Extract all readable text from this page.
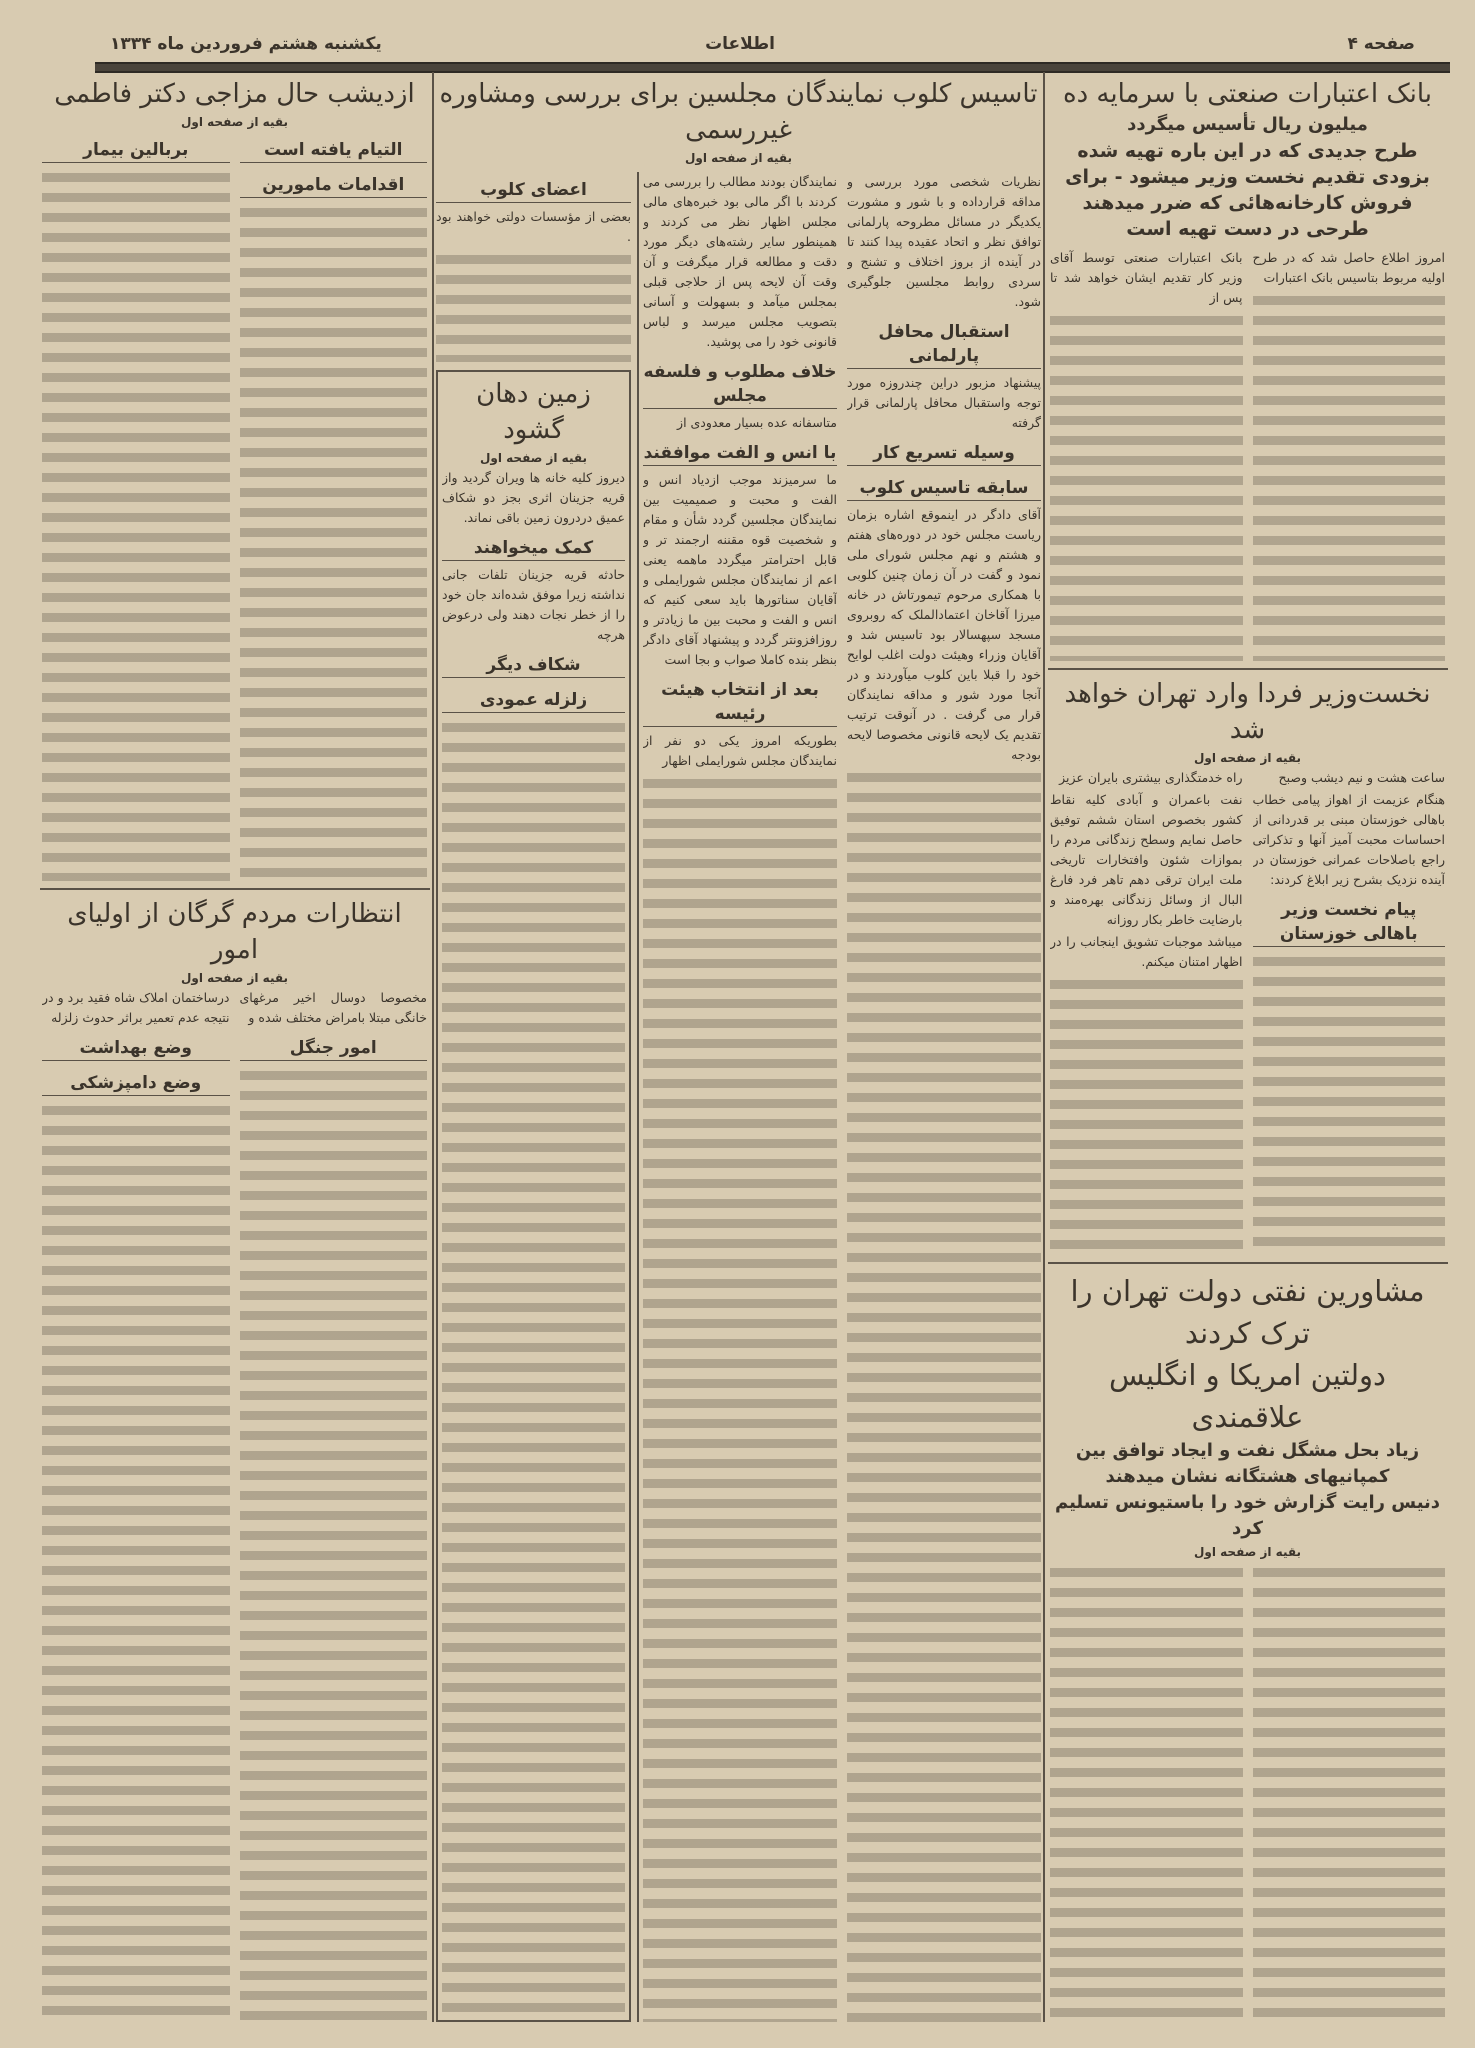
صفحه ۴
اطلاعات
یکشنبه هشتم فروردین ماه ۱۳۳۴
بانک اعتبارات صنعتی با سرمایه ده
میلیون ریال تأسیس میگردد
طرح جدیدی که در این باره تهیه شده بزودی تقدیم نخست وزیر میشود - برای فروش کارخانه‌هائی که ضرر میدهند طرحی در دست تهیه است

امروز اطلاع حاصل شد که در طرح اولیه مربوط بتاسیس بانک اعتبارات

بانک اعتبارات صنعتی توسط آقای وزیر کار تقدیم ایشان خواهد شد تا پس از

نخست‌وزیر فردا وارد تهران خواهد شد
بقیه از صفحه اول

ساعت هشت و نیم دیشب وصبح

هنگام عزیمت از اهواز پیامی خطاب باهالی خوزستان مبنی بر قدردانی از احساسات محبت آمیز آنها و تذکراتی راجع باصلاحات عمرانی خوزستان در آینده نزدیک بشرح زیر ابلاغ کردند:

پیام نخست وزیر باهالی خوزستان

راه خدمتگذاری بیشتری بایران عزیز

نفت باعمران و آبادی کلیه نقاط کشور بخصوص استان ششم توفیق حاصل نمایم وسطح زندگانی مردم را بموازات شئون وافتخارات تاریخی ملت ایران ترقی دهم تاهر فرد فارغ البال از وسائل زندگانی بهره‌مند و بارضایت خاطر بکار روزانه

میباشد موجبات تشویق اینجانب را در اظهار امتنان میکنم.

مشاورین نفتی دولت تهران را ترک کردند
دولتین امریکا و انگلیس علاقمندی
زیاد بحل مشگل نفت و ایجاد توافق بین کمپانیهای هشتگانه نشان میدهند
دنیس رایت گزارش خود را باستیونس تسلیم کرد
بقیه از صفحه اول
تاسیس کلوب نمایندگان مجلسین برای بررسی ومشاوره غیررسمی
بقیه از صفحه اول

نظریات شخصی مورد بررسی و مداقه قرارداده و با شور و مشورت یکدیگر در مسائل مطروحه پارلمانی توافق نظر و اتحاد عقیده پیدا کنند تا در آینده از بروز اختلاف و تشنج و سردی روابط مجلسین جلوگیری شود.

استقبال محافل پارلمانی

پیشنهاد مزبور دراین چندروزه مورد توجه واستقبال محافل پارلمانی قرار گرفته

وسیله تسریع کار
سابقه تاسیس کلوب

آقای دادگر در اینموقع اشاره بزمان ریاست مجلس خود در دوره‌های هفتم و هشتم و نهم مجلس شورای ملی نمود و گفت در آن زمان چنین کلوبی با همکاری مرحوم تیمورتاش در خانه میرزا آقاخان اعتمادالملک که روبروی مسجد سپهسالار بود تاسیس شد و آقایان وزراء وهیئت دولت اغلب لوایح خود را قبلا باین کلوب میآوردند و در آنجا مورد شور و مداقه نمایندگان قرار می گرفت . در آنوقت ترتیب تقدیم یک لایحه قانونی مخصوصا لایحه بودجه

نمایندگان بودند مطالب را بررسی می کردند با اگر مالی بود خبره‌های مالی مجلس اظهار نظر می کردند و همینطور سایر رشته‌های دیگر مورد دقت و مطالعه قرار میگرفت و آن وقت آن لایحه پس از حلاجی قبلی بمجلس میآمد و بسهولت و آسانی بتصویب مجلس میرسد و لباس قانونی خود را می پوشید.

خلاف مطلوب و فلسفه مجلس

متاسفانه عده بسیار معدودی از

با انس و الفت موافقند

ما سرمیزند موجب ازدیاد انس و الفت و محبت و صمیمیت بین نمایندگان مجلسین گردد شأن و مقام و شخصیت قوه مقننه ارجمند تر و قابل احترامتر میگردد ماهمه یعنی اعم از نمایندگان مجلس شورایملی و آقایان سناتورها باید سعی کنیم که انس و الفت و محبت بین ما زیادتر و روزافزونتر گردد و پیشنهاد آقای دادگر بنظر بنده کاملا صواب و بجا است

بعد از انتخاب هیئت رئیسه

بطوریکه امروز یکی دو نفر از نمایندگان مجلس شورایملی اظهار

اعضای کلوب

بعضی از مؤسسات دولتی خواهند بود .

زمین دهان گشود
بقیه از صفحه اول

دیروز کلیه خانه ها ویران گردید واز قریه جزینان اثری بجز دو شکاف عمیق دردرون زمین باقی نماند.

کمک میخواهند

حادثه قریه جزینان تلفات جانی نداشته زیرا موفق شده‌اند جان خود را از خطر نجات دهند ولی درعوض هرچه

شکاف دیگر
زلزله عمودی
ازدیشب حال مزاجی دکتر فاطمی
بقیه از صفحه اول
التیام یافته است
اقدامات مامورین
بربالین بیمار
انتظارات مردم گرگان از اولیای امور
بقیه از صفحه اول

مخصوصا دوسال اخیر مرغهای خانگی مبتلا بامراض مختلف شده و

امور جنگل

درساختمان املاک شاه فقید برد و در نتیجه عدم تعمیر براثر حدوث زلزله

وضع بهداشت
وضع دامپزشکی
